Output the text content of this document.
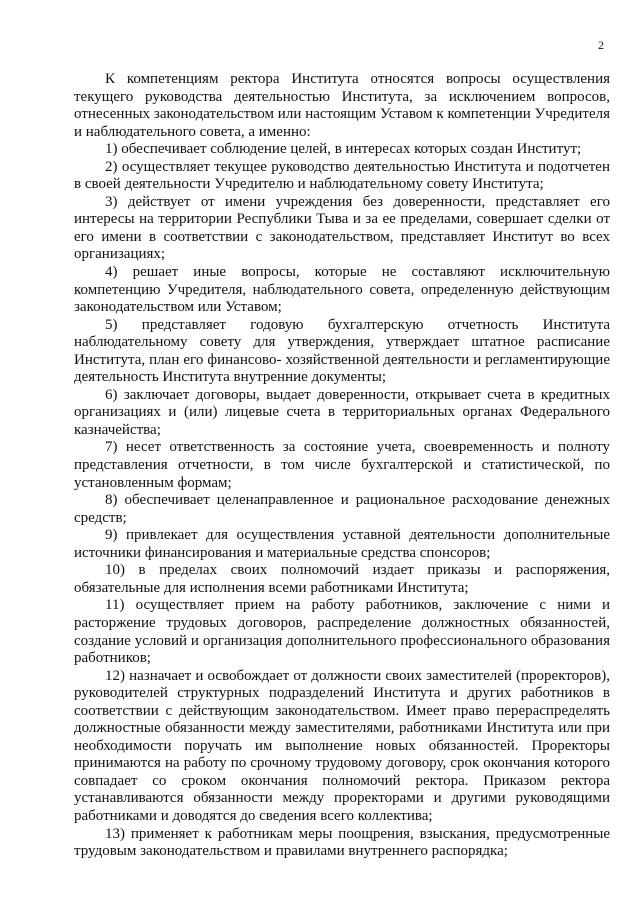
2

К компетенциям ректора Института относятся вопросы осуществления текущего руководства деятельностью Института, за исключением вопросов, отнесенных законодательством или настоящим Уставом к компетенции Учредителя и наблюдательного совета, а именно:

1) обеспечивает соблюдение целей, в интересах которых создан Институт;

2) осуществляет текущее руководство деятельностью Института и подотчетен в своей деятельности Учредителю и наблюдательному совету Института;

3) действует от имени учреждения без доверенности, представляет его интересы на территории Республики Тыва и за ее пределами, совершает сделки от его имени в соответствии с законодательством, представляет Институт во всех организациях;

4) решает иные вопросы, которые не составляют исключительную компетенцию Учредителя, наблюдательного совета, определенную действующим законодательством или Уставом;

5) представляет годовую бухгалтерскую отчетность Института наблюдательному совету для утверждения, утверждает штатное расписание Института, план его финансово- хозяйственной деятельности и регламентирующие деятельность Института внутренние документы;

6) заключает договоры, выдает доверенности, открывает счета в кредитных организациях и (или) лицевые счета в территориальных органах Федерального казначейства;

7) несет ответственность за состояние учета, своевременность и полноту представления отчетности, в том числе бухгалтерской и статистической, по установленным формам;

8) обеспечивает целенаправленное и рациональное расходование денежных средств;

9) привлекает для осуществления уставной деятельности дополнительные источники финансирования и материальные средства спонсоров;

10) в пределах своих полномочий издает приказы и распоряжения, обязательные для исполнения всеми работниками Института;

11) осуществляет прием на работу работников, заключение с ними и расторжение трудовых договоров, распределение должностных обязанностей, создание условий и организация дополнительного профессионального образования работников;

12) назначает и освобождает от должности своих заместителей (проректоров), руководителей структурных подразделений Института и других работников в соответствии с действующим законодательством. Имеет право перераспределять должностные обязанности между заместителями, работниками Института или при необходимости поручать им выполнение новых обязанностей. Проректоры принимаются на работу по срочному трудовому договору, срок окончания которого совпадает со сроком окончания полномочий ректора. Приказом ректора устанавливаются обязанности между проректорами и другими руководящими работниками и доводятся до сведения всего коллектива;

13) применяет к работникам меры поощрения, взыскания, предусмотренные трудовым законодательством и правилами внутреннего распорядка;
